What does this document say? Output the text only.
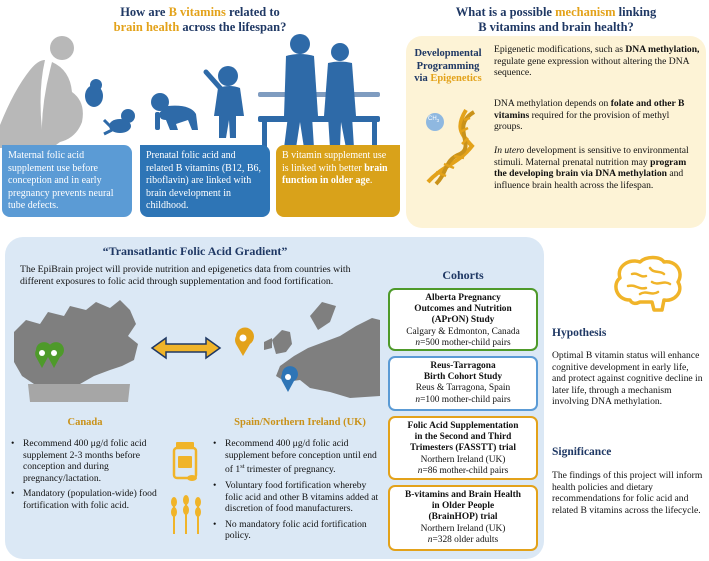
How are B vitamins related to
brain health across the lifespan?
Maternal folic acid supplement use before conception and in early pregnancy prevents neural tube defects.
Prenatal folic acid and related B vitamins (B12, B6, riboflavin) are linked with brain development in childhood.
B vitamin supplement use is linked with better brain function in older age.
What is a possible mechanism linking
B vitamins and brain health?
Developmental
Programming
via Epigenetics
$CH_3$
Epigenetic modifications, such as DNA methylation, regulate gene expression without altering the DNA sequence.
DNA methylation depends on folate and other B vitamins required for the provision of methyl groups.
In utero development is sensitive to environmental stimuli. Maternal prenatal nutrition may program the developing brain via DNA methylation and influence brain health across the lifespan.
“Transatlantic Folic Acid Gradient”
The EpiBrain project will provide nutrition and epigenetics data from countries with different exposures to folic acid through supplementation and food fortification.
Canada	Spain/Northern Ireland (UK)
• Recommend 400 μg/d folic acid supplement 2-3 months before conception and during pregnancy/lactation.
• Mandatory (population-wide) food fortification with folic acid.
• Recommend 400 μg/d folic acid supplement before conception until end of 1st trimester of pregnancy.
• Voluntary food fortification whereby folic acid and other B vitamins added at discretion of food manufacturers.
• No mandatory folic acid fortification policy.
Cohorts
Alberta Pregnancy
Outcomes and Nutrition
(APrON) Study
Calgary & Edmonton, Canada
n=500 mother-child pairs
Reus-Tarragona
Birth Cohort Study
Reus & Tarragona, Spain
n=100 mother-child pairs
Folic Acid Supplementation
in the Second and Third
Trimesters (FASSTT) trial
Northern Ireland (UK)
n=86 mother-child pairs
B-vitamins and Brain Health
in Older People
(BrainHOP) trial
Northern Ireland (UK)
n=328 older adults
Hypothesis
Optimal B vitamin status will enhance cognitive development in early life, and protect against cognitive decline in later life, through a mechanism involving DNA methylation.
Significance
The findings of this project will inform health policies and dietary recommendations for folic acid and related B vitamins across the lifecycle.
